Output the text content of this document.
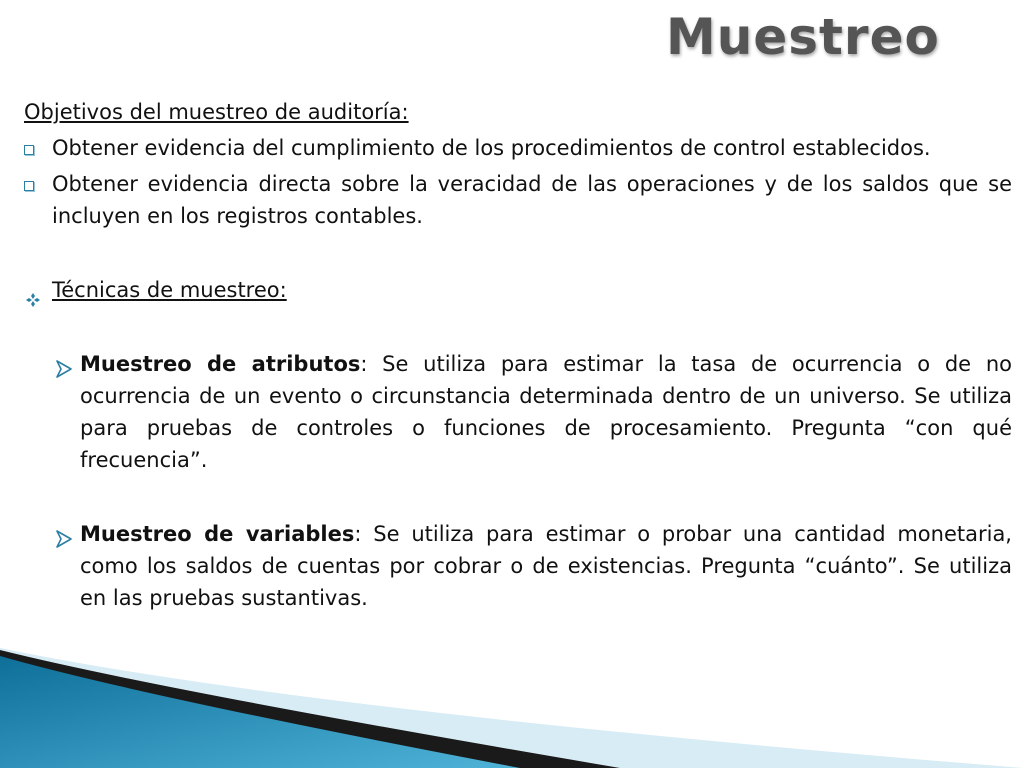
Muestreo

Objetivos del muestreo de auditoría:

Obtener evidencia del cumplimiento de los procedimientos de control establecidos.
Obtener evidencia directa sobre la veracidad de las operaciones y de los saldos que se incluyen en los registros contables.
Técnicas de muestreo:
Muestreo de atributos: Se utiliza para estimar la tasa de ocurrencia o de no ocurrencia de un evento o circunstancia determinada dentro de un universo. Se utiliza para pruebas de controles o funciones de procesamiento. Pregunta “con qué frecuencia”.
Muestreo de variables: Se utiliza para estimar o probar una cantidad monetaria, como los saldos de cuentas por cobrar o de existencias. Pregunta “cuánto”. Se utiliza en las pruebas sustantivas.
